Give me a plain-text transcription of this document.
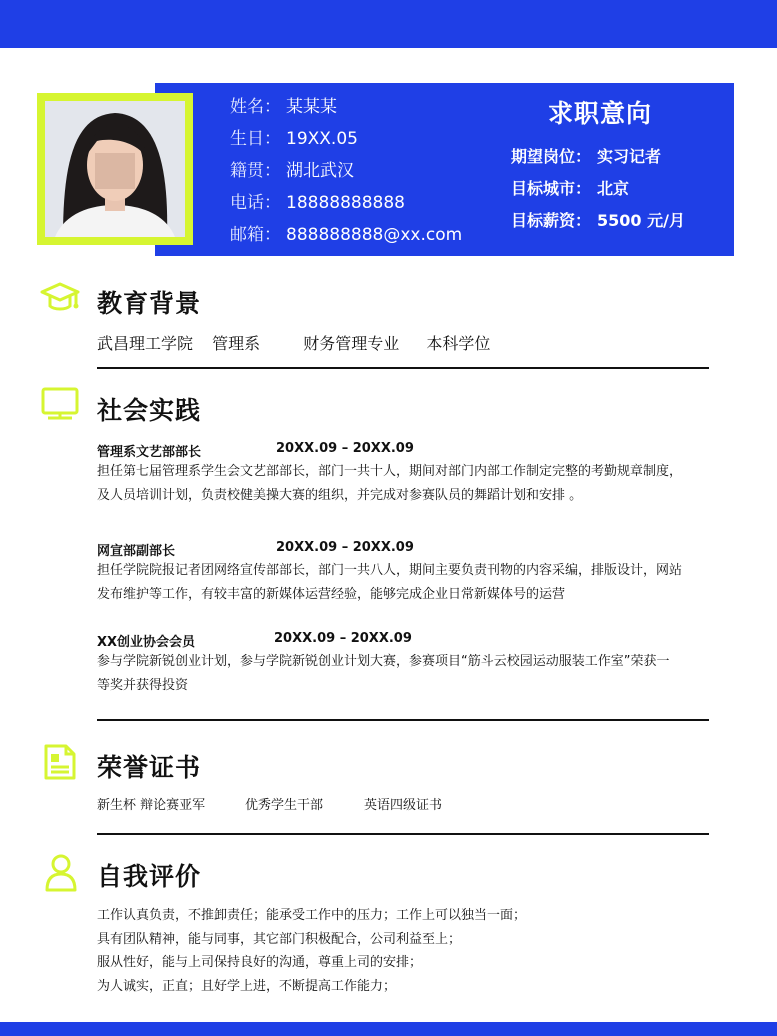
姓名： 某某某
生日： 19XX.05
籍贯： 湖北武汉
电话： 18888888888
邮箱： 888888888@xx.com
求职意向
期望岗位： 实习记者
目标城市： 北京
目标薪资： 5500 元/月
教育背景
武昌理工学院 管理系	财务管理专业 本科学位
社会实践
管理系文艺部部长	20XX.09 – 20XX.09
担任第七届管理系学生会文艺部部长，部门一共十人，期间对部门内部工作制定完整的考勤规章制度，
及人员培训计划，负责校健美操大赛的组织，并完成对参赛队员的舞蹈计划和安排 。
网宣部副部长	20XX.09 – 20XX.09
担任学院院报记者团网络宣传部部长，部门一共八人，期间主要负责刊物的内容采编，排版设计，网站
发布维护等工作，有较丰富的新媒体运营经验，能够完成企业日常新媒体号的运营
XX创业协会会员	20XX.09 – 20XX.09
参与学院新锐创业计划，参与学院新锐创业计划大赛，参赛项目“筋斗云校园运动服装工作室”荣获一
等奖并获得投资
荣誉证书
新生杯 辩论赛亚军	优秀学生干部	英语四级证书
自我评价
工作认真负责，不推卸责任；能承受工作中的压力；工作上可以独当一面；
具有团队精神，能与同事，其它部门积极配合，公司利益至上；
服从性好，能与上司保持良好的沟通，尊重上司的安排；
为人诚实，正直；且好学上进，不断提高工作能力；
